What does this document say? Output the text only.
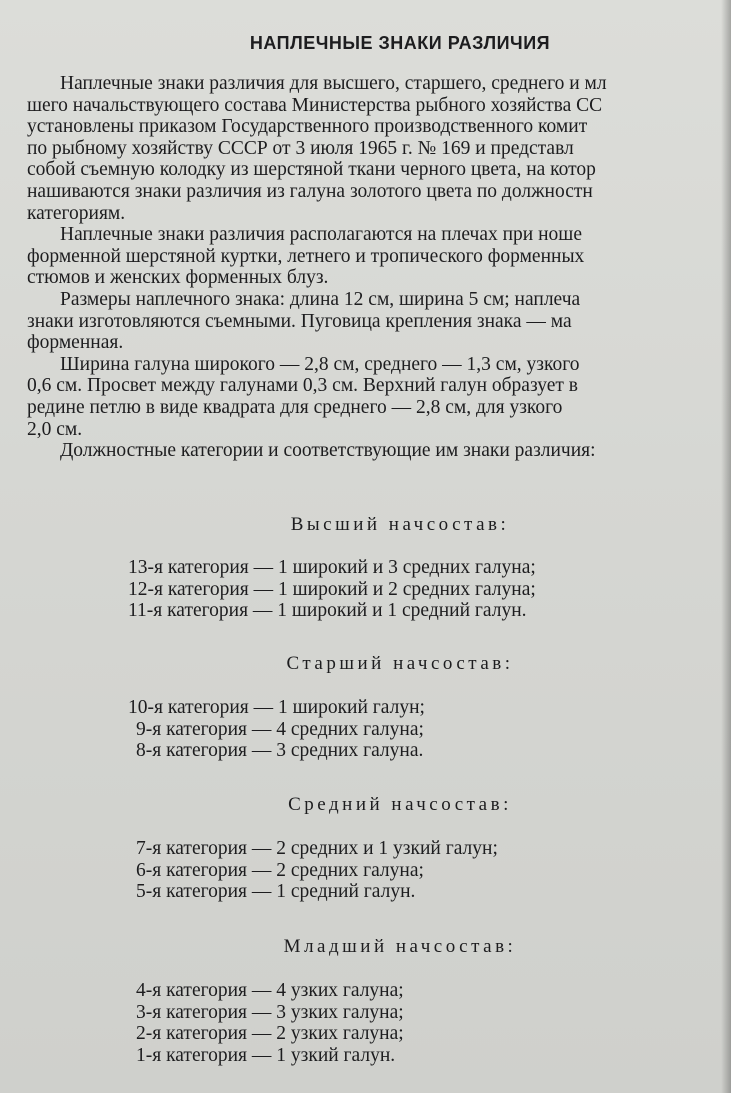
НАПЛЕЧНЫЕ ЗНАКИ РАЗЛИЧИЯ
Наплечные знаки различия для высшего, старшего, среднего и мл
шего начальствующего состава Министерства рыбного хозяйства СС
установлены приказом Государственного производственного комит
по рыбному хозяйству СССР от 3 июля 1965 г. № 169 и представл
собой съемную колодку из шерстяной ткани черного цвета, на котор
нашиваются знаки различия из галуна золотого цвета по должностн
категориям.
Наплечные знаки различия располагаются на плечах при ноше
форменной шерстяной куртки, летнего и тропического форменных
стюмов и женских форменных блуз.
Размеры наплечного знака: длина 12 см, ширина 5 см; наплеча
знаки изготовляются съемными. Пуговица крепления знака — ма
форменная.
Ширина галуна широкого — 2,8 см, среднего — 1,3 см, узкого
0,6 см. Просвет между галунами 0,3 см. Верхний галун образует в
редине петлю в виде квадрата для среднего — 2,8 см, для узкого
2,0 см.
Должностные категории и соответствующие им знаки различия:
Высший начсостав:
13-я категория — 1 широкий и 3 средних галуна;
12-я категория — 1 широкий и 2 средних галуна;
11-я категория — 1 широкий и 1 средний галун.
Старший начсостав:
10-я категория — 1 широкий галун;
9-я категория — 4 средних галуна;
8-я категория — 3 средних галуна.
Средний начсостав:
7-я категория — 2 средних и 1 узкий галун;
6-я категория — 2 средних галуна;
5-я категория — 1 средний галун.
Младший начсостав:
4-я категория — 4 узких галуна;
3-я категория — 3 узких галуна;
2-я категория — 2 узких галуна;
1-я категория — 1 узкий галун.
